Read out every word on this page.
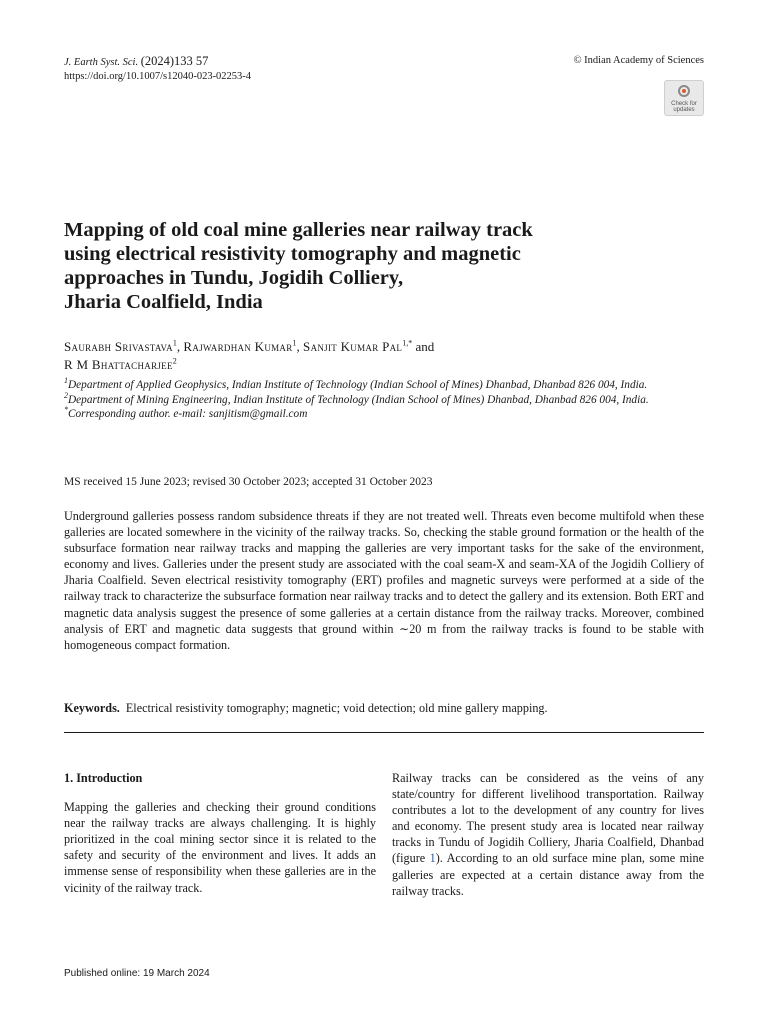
J. Earth Syst. Sci. (2024)133 57
https://doi.org/10.1007/s12040-023-02253-4
© Indian Academy of Sciences
Check for
updates
Mapping of old coal mine galleries near railway track
using electrical resistivity tomography and magnetic
approaches in Tundu, Jogidih Colliery,
Jharia Coalfield, India
Saurabh Srivastava$^1$, Rajwardhan Kumar$^1$, Sanjit Kumar Pal$^{1,*}$ and
R M Bhattacharjee$^2$

$^1$Department of Applied Geophysics, Indian Institute of Technology (Indian School of Mines) Dhanbad, Dhanbad 826 004, India.

$^2$Department of Mining Engineering, Indian Institute of Technology (Indian School of Mines) Dhanbad, Dhanbad 826 004, India.

*Corresponding author. e-mail: sanjitism@gmail.com

MS received 15 June 2023; revised 30 October 2023; accepted 31 October 2023

Underground galleries possess random subsidence threats if they are not treated well. Threats even become multifold when these galleries are located somewhere in the vicinity of the railway tracks. So, checking the stable ground formation or the health of the subsurface formation near railway tracks and mapping the galleries are very important tasks for the sake of the environment, economy and lives. Galleries under the present study are associated with the coal seam-X and seam-XA of the Jogidih Colliery of Jharia Coalfield. Seven electrical resistivity tomography (ERT) profiles and magnetic surveys were performed at a side of the railway track to characterize the subsurface formation near railway tracks and to detect the gallery and its extension. Both ERT and magnetic data analysis suggest the presence of some galleries at a certain distance from the railway tracks. Moreover, combined analysis of ERT and magnetic data suggests that ground within ∼20 m from the railway tracks is found to be stable with homogeneous compact formation.

Keywords. Electrical resistivity tomography; magnetic; void detection; old mine gallery mapping.
1. Introduction

Mapping the galleries and checking their ground conditions near the railway tracks are always challenging. It is highly prioritized in the coal mining sector since it is related to the safety and security of the environment and lives. It adds an immense sense of responsibility when these galleries are in the vicinity of the railway track.

Railway tracks can be considered as the veins of any state/country for different livelihood transportation. Railway contributes a lot to the development of any country for lives and economy. The present study area is located near railway tracks in Tundu of Jogidih Colliery, Jharia Coalfield, Dhanbad (figure 1). According to an old surface mine plan, some mine galleries are expected at a certain distance away from the railway tracks.

Published online: 19 March 2024
